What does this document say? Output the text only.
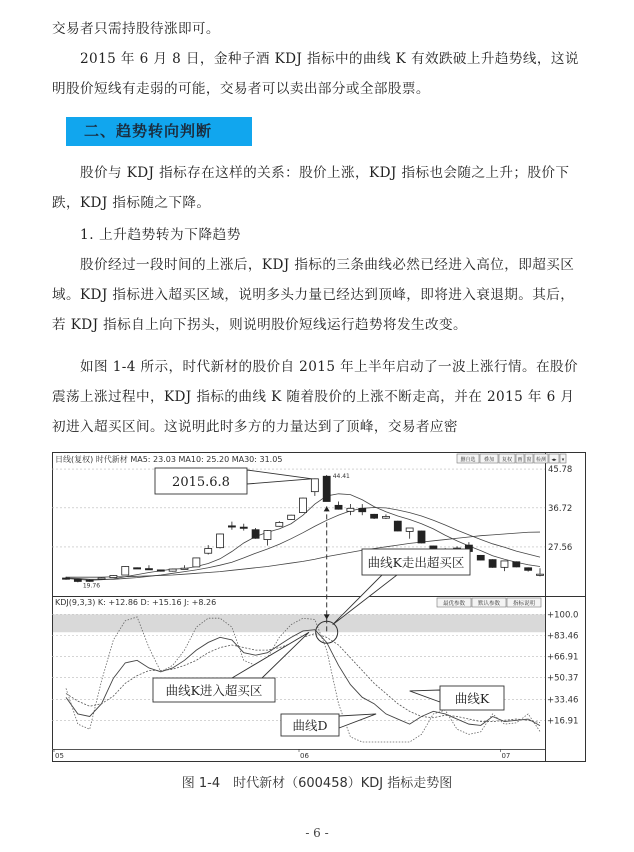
交易者只需持股待涨即可。

2015 年 6 月 8 日，金种子酒 KDJ 指标中的曲线 K 有效跌破上升趋势线，这说明股价短线有走弱的可能，交易者可以卖出部分或全部股票。

二、趋势转向判断

股价与 KDJ 指标存在这样的关系：股价上涨，KDJ 指标也会随之上升；股价下跌，KDJ 指标随之下降。

1. 上升趋势转为下降趋势

股价经过一段时间的上涨后，KDJ 指标的三条曲线必然已经进入高位，即超买区域。KDJ 指标进入超买区域，说明多头力量已经达到顶峰，即将进入衰退期。其后，若 KDJ 指标自上向下拐头，则说明股价短线运行趋势将发生改变。

如图 1-4 所示，时代新材的股价自 2015 年上半年启动了一波上涨行情。在股价震荡上涨过程中，KDJ 指标的曲线 K 随着股价的上涨不断走高，并在 2015 年 6 月初进入超买区间。这说明此时多方的力量达到了顶峰，交易者应密

日线(复权) 时代新材 MA5: 23.03 MA10: 25.20 MA30: 31.05	删自选 叠加 复权 画 窗 检测 ◂▸ ▾
45.78
36.72
27.56
44.41
19.76
KDJ(9,3,3) K: +12.86 D: +15.16 J: +8.26	最优参数 默认参数 指标说明
+100.0
+83.46
+66.91
+50.37
+33.46
+16.91
05	06	07
2015.6.8
曲线K走出超买区
曲线K进入超买区
曲线K
曲线D
图 1-4　时代新材（600458）KDJ 指标走势图
- 6 -
